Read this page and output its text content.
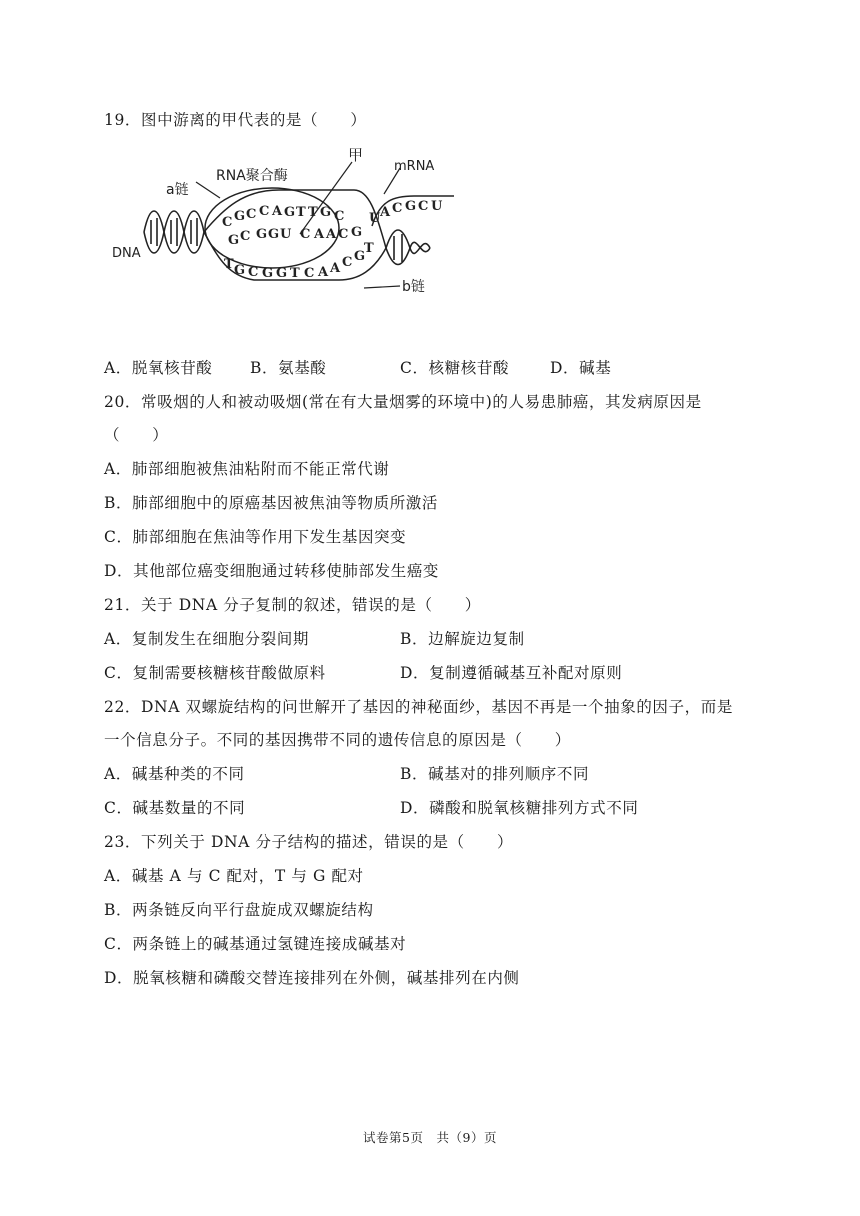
19．图中游离的甲代表的是（　　）
RNA聚合酶
甲
mRNA
a链
DNA
b链
C G C C A G T T G C U A C G C U
G C G G U C A A C G
T G C G G T C A A C G
T
A．脱氧核苷酸 B．氨基酸	C．核糖核苷酸	D．碱基
20．常吸烟的人和被动吸烟(常在有大量烟雾的环境中)的人易患肺癌，其发病原因是
（　　）
A．肺部细胞被焦油粘附而不能正常代谢
B．肺部细胞中的原癌基因被焦油等物质所激活
C．肺部细胞在焦油等作用下发生基因突变
D．其他部位癌变细胞通过转移使肺部发生癌变
21．关于 DNA 分子复制的叙述，错误的是（　　）
A．复制发生在细胞分裂间期	B．边解旋边复制
C．复制需要核糖核苷酸做原料	D．复制遵循碱基互补配对原则
22．DNA 双螺旋结构的问世解开了基因的神秘面纱，基因不再是一个抽象的因子，而是
一个信息分子。不同的基因携带不同的遗传信息的原因是（　　）
A．碱基种类的不同	B．碱基对的排列顺序不同
C．碱基数量的不同	D．磷酸和脱氧核糖排列方式不同
23．下列关于 DNA 分子结构的描述，错误的是（　　）
A．碱基 A 与 C 配对，T 与 G 配对
B．两条链反向平行盘旋成双螺旋结构
C．两条链上的碱基通过氢键连接成碱基对
D．脱氧核糖和磷酸交替连接排列在外侧，碱基排列在内侧
试卷第5页　共（9）页
